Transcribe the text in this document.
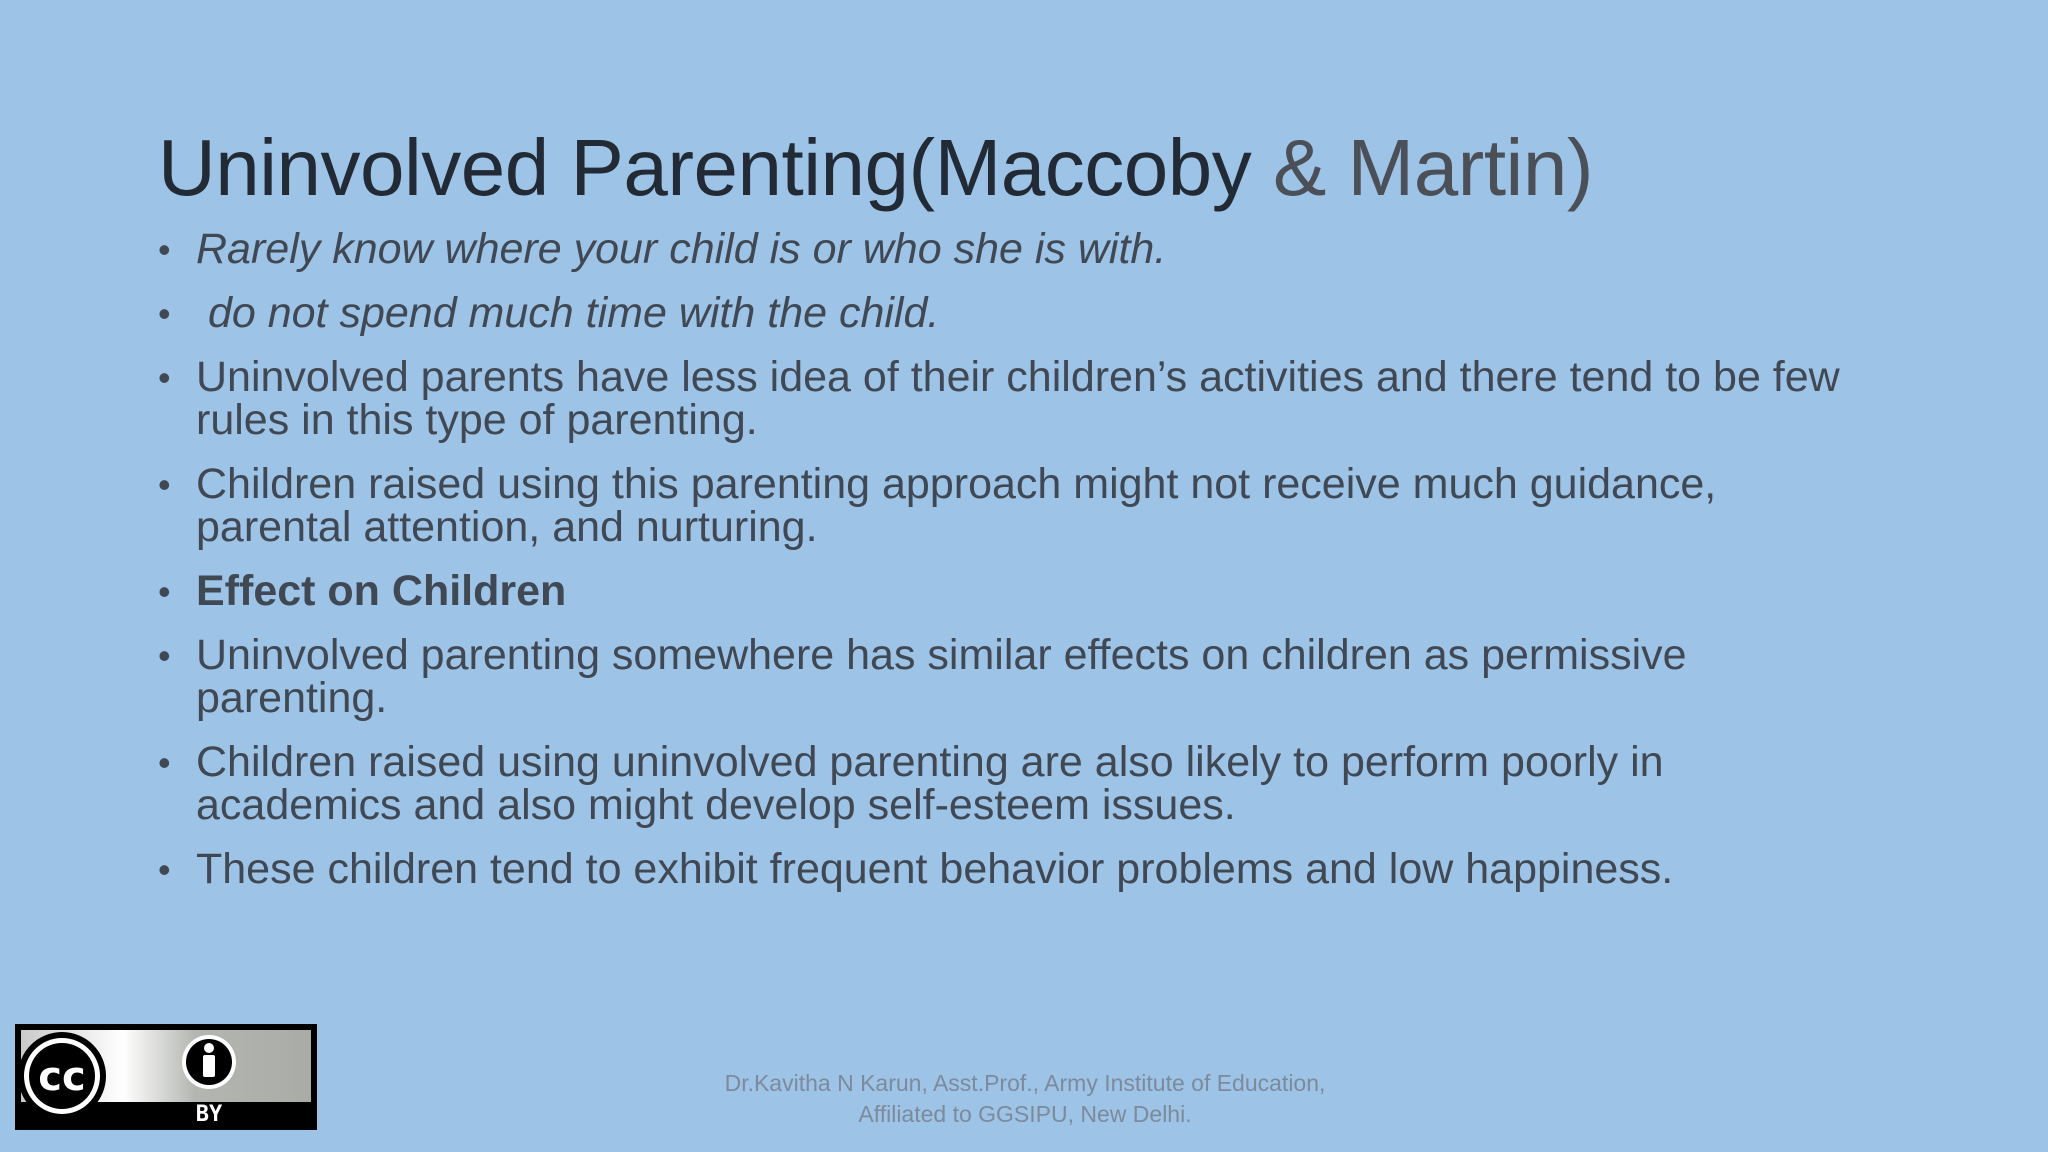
Uninvolved Parenting(Maccoby & Martin)
• Rarely know where your child is or who she is with.
• do not spend much time with the child.
• Uninvolved parents have less idea of their children’s activities and there tend to be few rules in this type of parenting.
• Children raised using this parenting approach might not receive much guidance, parental attention, and nurturing.
• Effect on Children
• Uninvolved parenting somewhere has similar effects on children as permissive parenting.
• Children raised using uninvolved parenting are also likely to perform poorly in academics and also might develop self-esteem issues.
• These children tend to exhibit frequent behavior problems and low happiness.
cc
BY
Dr.Kavitha N Karun, Asst.Prof., Army Institute of Education,
Affiliated to GGSIPU, New Delhi.
